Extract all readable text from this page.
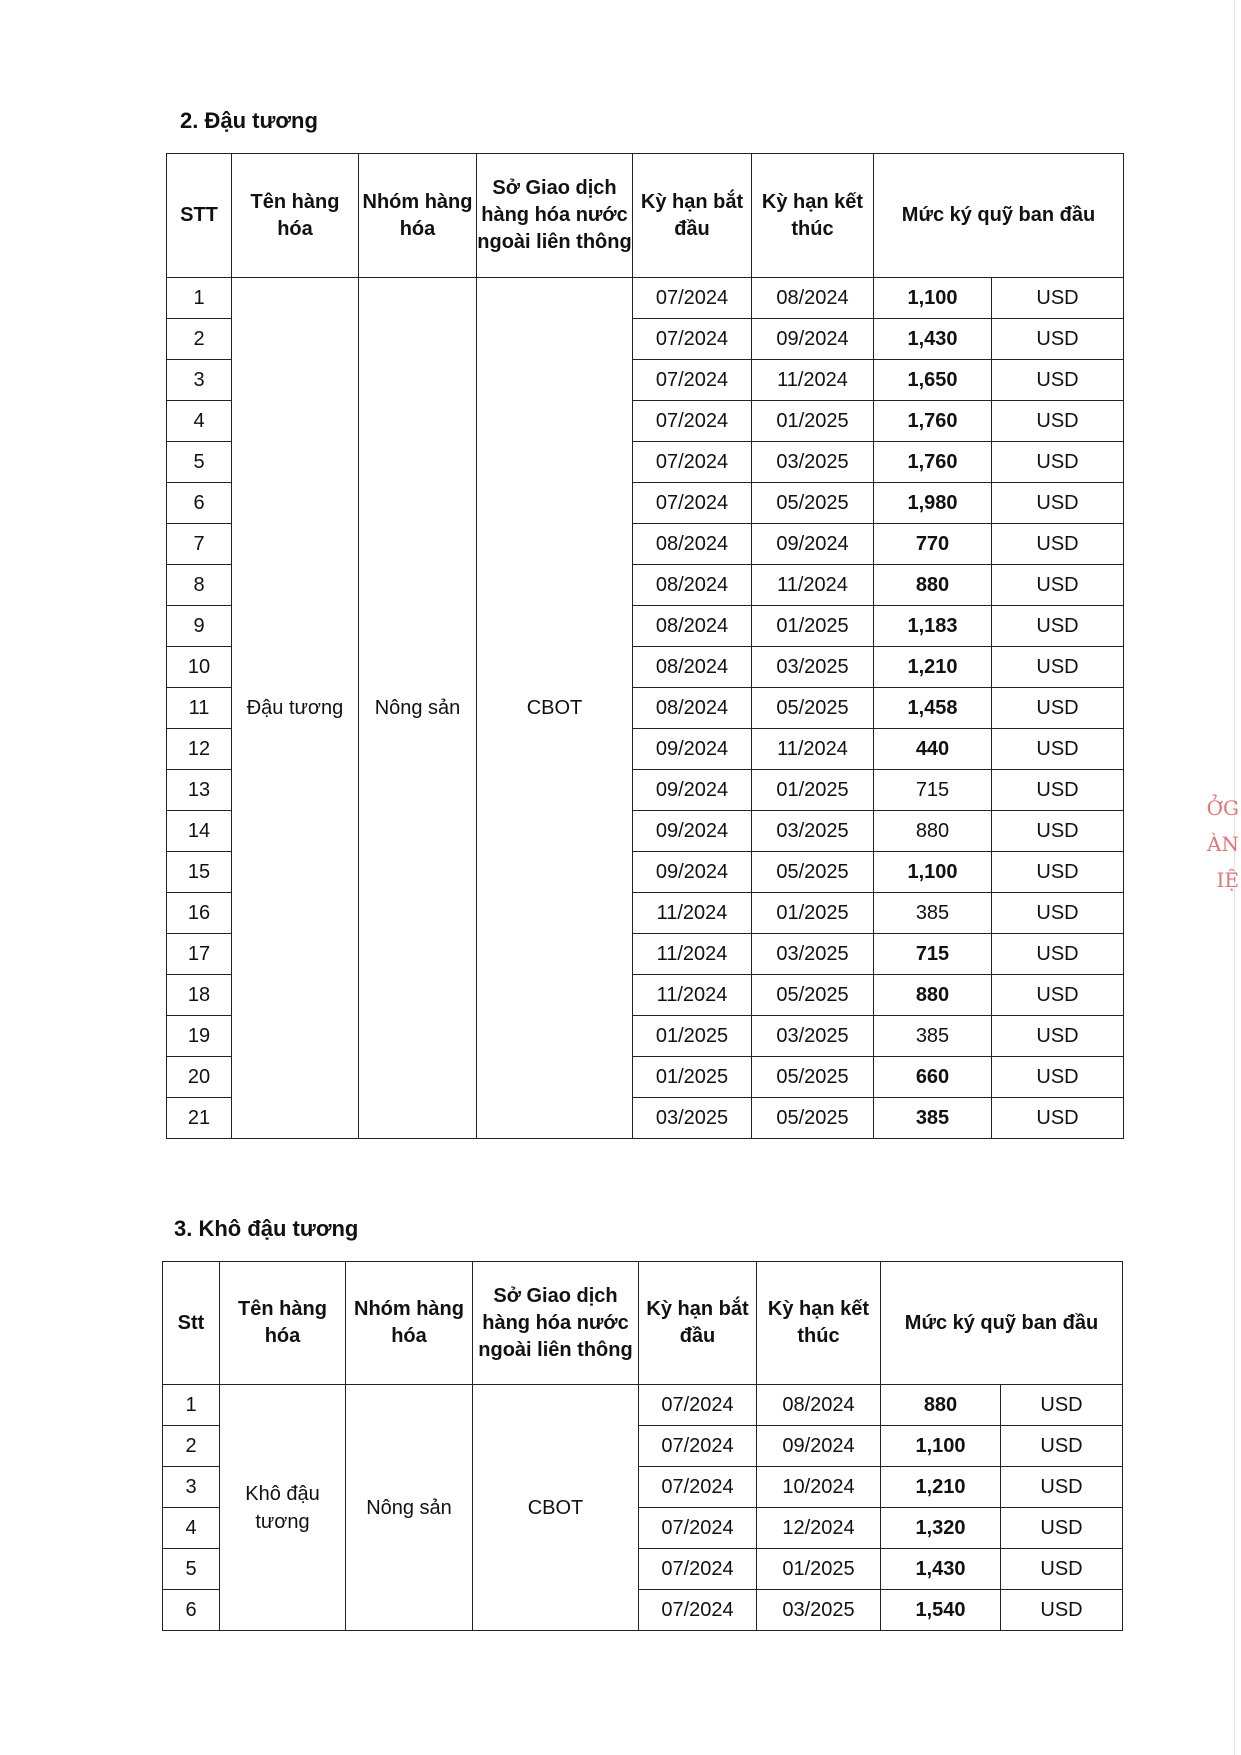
2. Đậu tương
STT	Tên hàng hóa	Nhóm hàng hóa	Sở Giao dịch hàng hóa nước ngoài liên thông	Kỳ hạn bắt đầu	Kỳ hạn kết thúc	Mức ký quỹ ban đầu	
1	Đậu tương	Nông sản	CBOT	07/2024	08/2024	1,100	USD
2				07/2024	09/2024	1,430	USD
3				07/2024	11/2024	1,650	USD
4				07/2024	01/2025	1,760	USD
5				07/2024	03/2025	1,760	USD
6				07/2024	05/2025	1,980	USD
7				08/2024	09/2024	770	USD
8				08/2024	11/2024	880	USD
9				08/2024	01/2025	1,183	USD
10				08/2024	03/2025	1,210	USD
11				08/2024	05/2025	1,458	USD
12				09/2024	11/2024	440	USD
13				09/2024	01/2025	715	USD
14				09/2024	03/2025	880	USD
15				09/2024	05/2025	1,100	USD
16				11/2024	01/2025	385	USD
17				11/2024	03/2025	715	USD
18				11/2024	05/2025	880	USD
19				01/2025	03/2025	385	USD
20				01/2025	05/2025	660	USD
21				03/2025	05/2025	385	USD
3. Khô đậu tương
Stt	Tên hàng hóa	Nhóm hàng hóa	Sở Giao dịch hàng hóa nước ngoài liên thông	Kỳ hạn bắt đầu	Kỳ hạn kết thúc	Mức ký quỹ ban đầu	
1	Khô đậu tương	Nông sản	CBOT	07/2024	08/2024	880	USD
2				07/2024	09/2024	1,100	USD
3				07/2024	10/2024	1,210	USD
4				07/2024	12/2024	1,320	USD
5				07/2024	01/2025	1,430	USD
6				07/2024	03/2025	1,540	USD
ỞG
ÀN
IỆ
